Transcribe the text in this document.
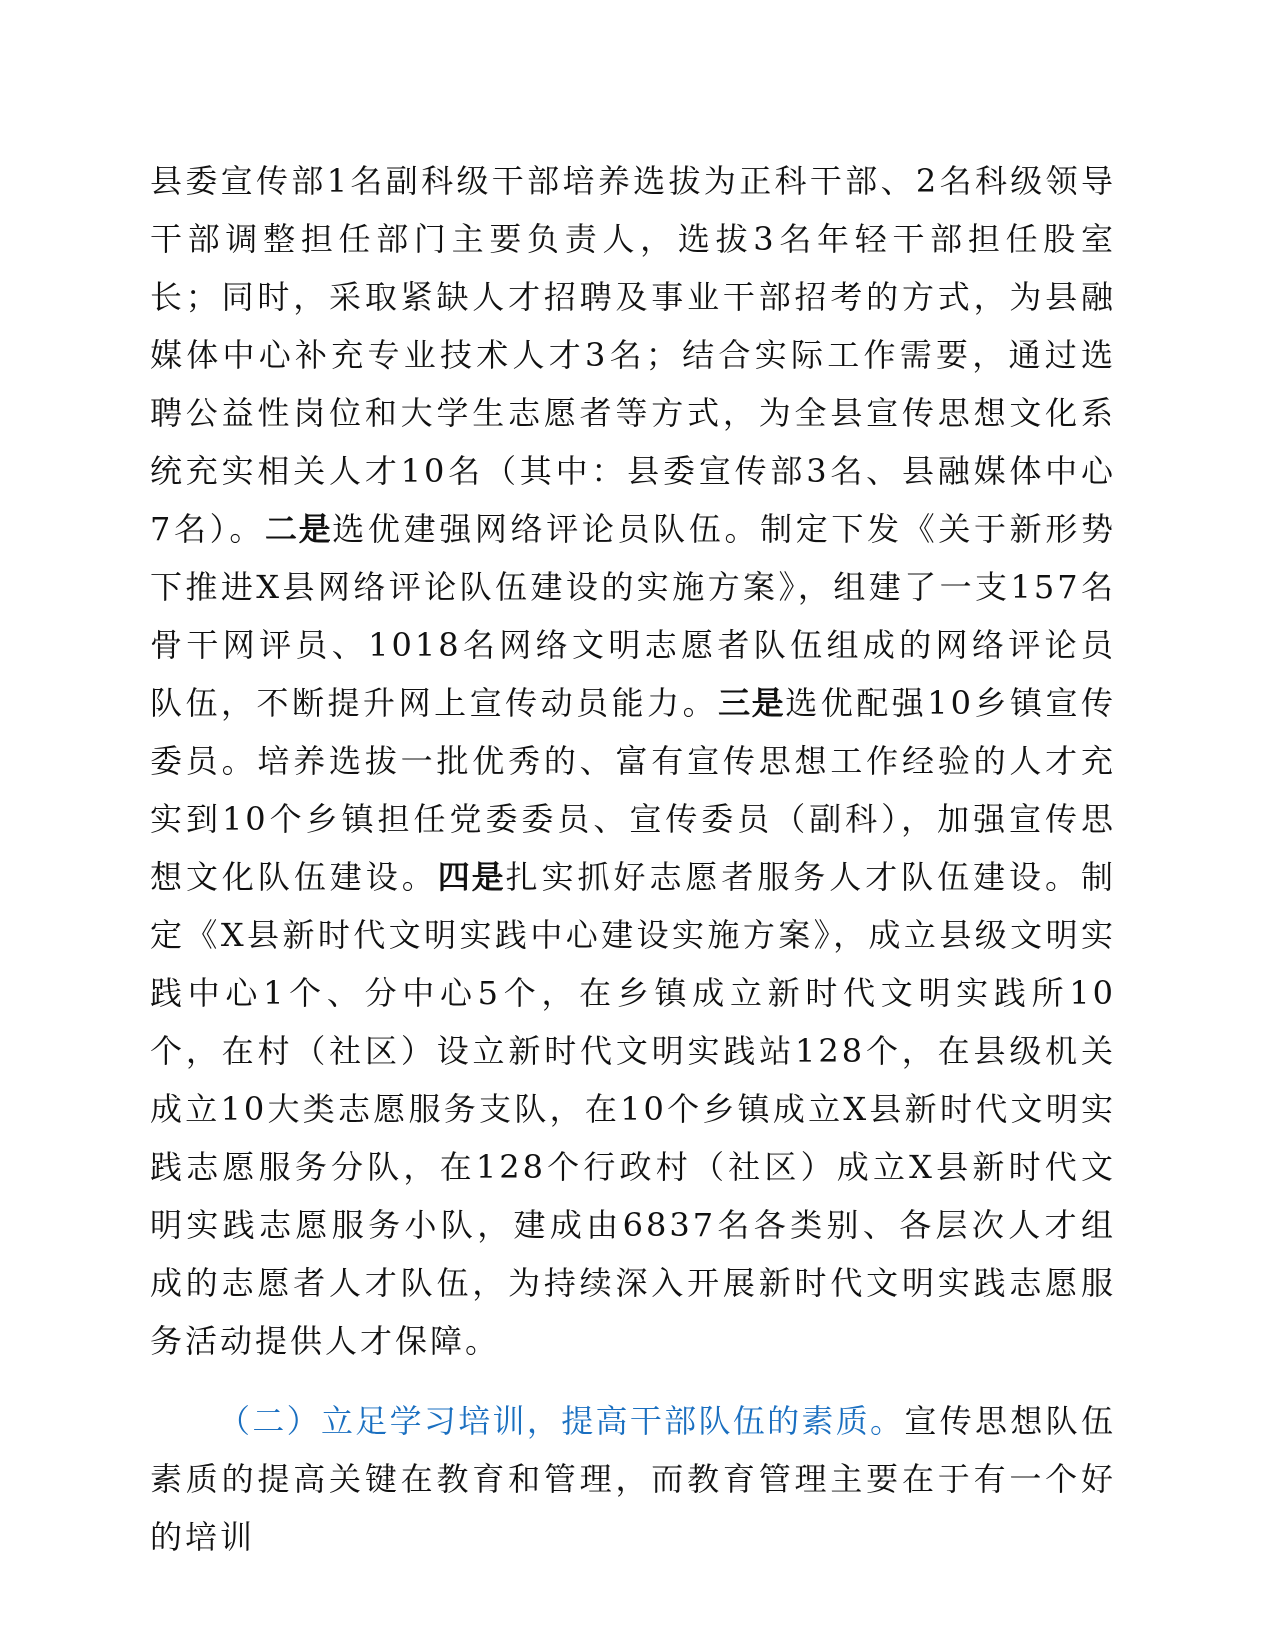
县委宣传部1名副科级干部培养选拔为正科干部、2名科级领导干部调整担任部门主要负责人，选拔3名年轻干部担任股室长；同时，采取紧缺人才招聘及事业干部招考的方式，为县融媒体中心补充专业技术人才3名；结合实际工作需要，通过选聘公益性岗位和大学生志愿者等方式，为全县宣传思想文化系统充实相关人才10名（其中：县委宣传部3名、县融媒体中心7名）。二是选优建强网络评论员队伍。制定下发《关于新形势下推进X县网络评论队伍建设的实施方案》，组建了一支157名骨干网评员、1018名网络文明志愿者队伍组成的网络评论员队伍，不断提升网上宣传动员能力。三是选优配强10乡镇宣传委员。培养选拔一批优秀的、富有宣传思想工作经验的人才充实到10个乡镇担任党委委员、宣传委员（副科），加强宣传思想文化队伍建设。四是扎实抓好志愿者服务人才队伍建设。制定《X县新时代文明实践中心建设实施方案》，成立县级文明实践中心1个、分中心5个，在乡镇成立新时代文明实践所10个，在村（社区）设立新时代文明实践站128个，在县级机关成立10大类志愿服务支队，在10个乡镇成立X县新时代文明实践志愿服务分队，在128个行政村（社区）成立X县新时代文明实践志愿服务小队，建成由6837名各类别、各层次人才组成的志愿者人才队伍，为持续深入开展新时代文明实践志愿服务活动提供人才保障。

（二）立足学习培训，提高干部队伍的素质。宣传思想队伍素质的提高关键在教育和管理，而教育管理主要在于有一个好的培训
